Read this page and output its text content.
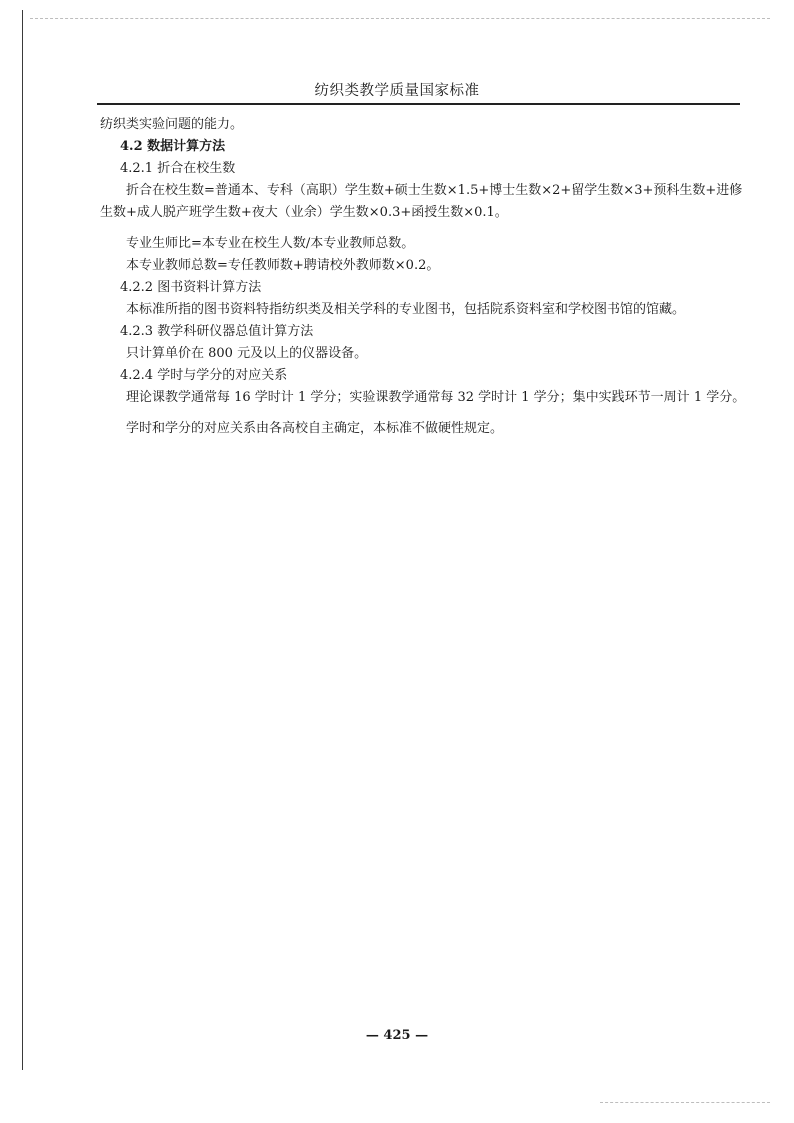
纺织类教学质量国家标准

纺织类实验问题的能力。

4.2 数据计算方法

4.2.1 折合在校生数

折合在校生数=普通本、专科（高职）学生数+硕士生数×1.5+博士生数×2+留学生数×3+预科生数+进修生数+成人脱产班学生数+夜大（业余）学生数×0.3+函授生数×0.1。

专业生师比=本专业在校生人数/本专业教师总数。

本专业教师总数=专任教师数+聘请校外教师数×0.2。

4.2.2 图书资料计算方法

本标准所指的图书资料特指纺织类及相关学科的专业图书，包括院系资料室和学校图书馆的馆藏。

4.2.3 教学科研仪器总值计算方法

只计算单价在 800 元及以上的仪器设备。

4.2.4 学时与学分的对应关系

理论课教学通常每 16 学时计 1 学分；实验课教学通常每 32 学时计 1 学分；集中实践环节一周计 1 学分。

学时和学分的对应关系由各高校自主确定，本标准不做硬性规定。

— 425 —
